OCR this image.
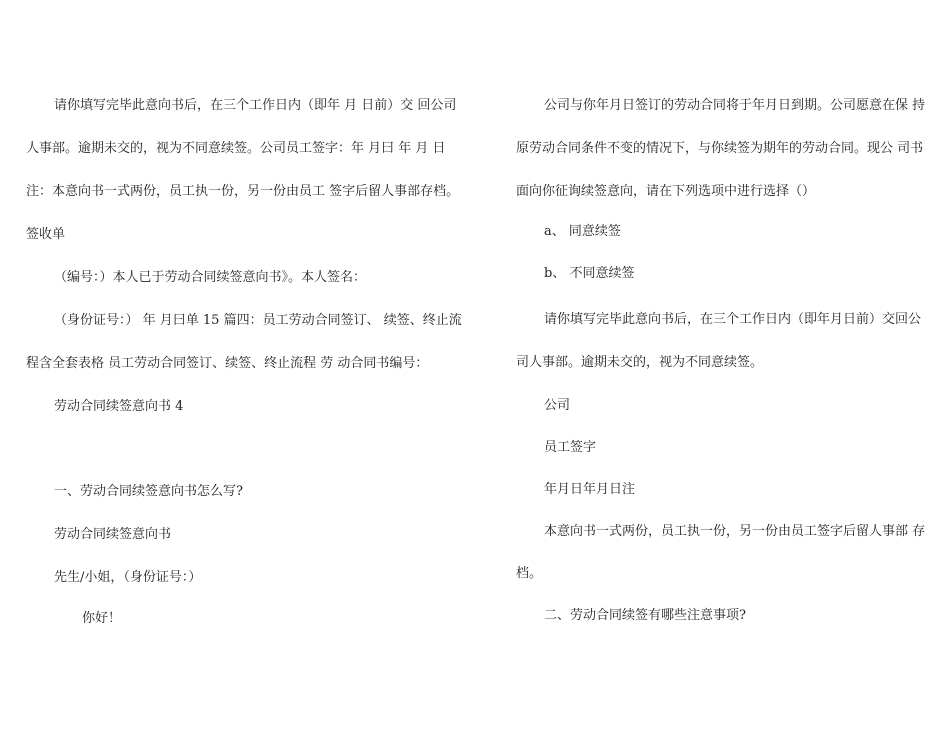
请你填写完毕此意向书后，在三个工作日内（即年 月 日前）交 回公司
人事部。逾期未交的，视为不同意续签。公司员工签字：年 月曰 年 月 日
注：本意向书一式两份，员工执一份，另一份由员工 签字后留人事部存档。
签收单
（编号：）本人已于劳动合同续签意向书》。本人签名：
（身份证号：） 年 月曰单 15 篇四：员工劳动合同签订、 续签、终止流
程含全套表格 员工劳动合同签订、续签、终止流程 劳 动合同书编号：
劳动合同续签意向书 4
一、劳动合同续签意向书怎么写?
劳动合同续签意向书
先生/小姐，（身份证号：）
你好！
公司与你年月日签订的劳动合同将于年月日到期。公司愿意在保 持
原劳动合同条件不变的情况下，与你续签为期年的劳动合同。现公 司书
面向你征询续签意向，请在下列选项中进行选择（）
a、 同意续签
b、 不同意续签
请你填写完毕此意向书后，在三个工作日内（即年月日前）交回公
司人事部。逾期未交的，视为不同意续签。
公司
员工签字
年月日年月日注
本意向书一式两份，员工执一份，另一份由员工签字后留人事部 存
档。
二、劳动合同续签有哪些注意事项?
